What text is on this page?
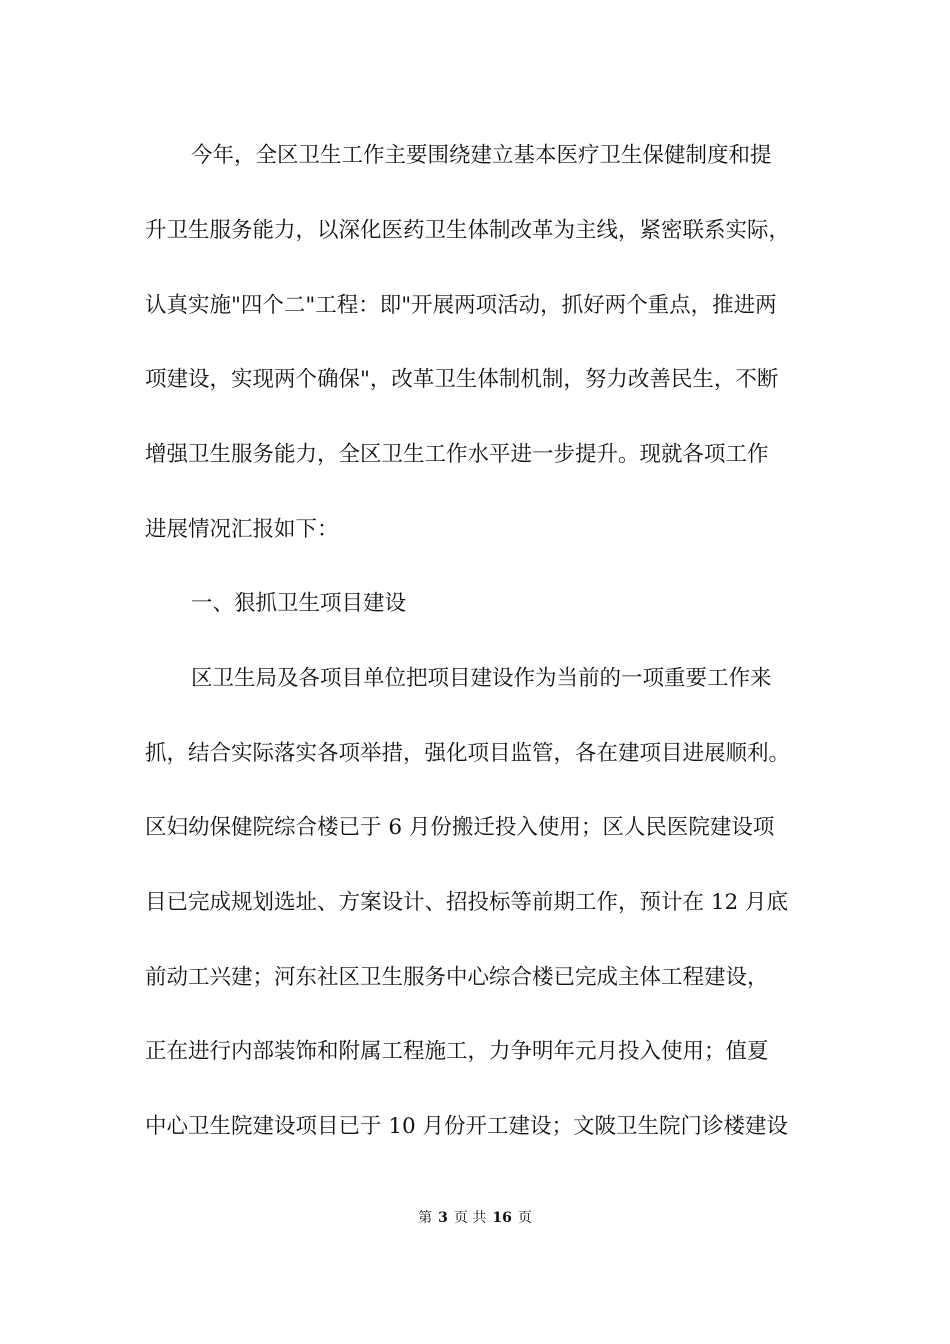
今年，全区卫生工作主要围绕建立基本医疗卫生保健制度和提
升卫生服务能力，以深化医药卫生体制改革为主线，紧密联系实际，
认真实施"四个二"工程：即"开展两项活动，抓好两个重点，推进两
项建设，实现两个确保"，改革卫生体制机制，努力改善民生，不断
增强卫生服务能力，全区卫生工作水平进一步提升。现就各项工作
进展情况汇报如下：
一、狠抓卫生项目建设
区卫生局及各项目单位把项目建设作为当前的一项重要工作来
抓，结合实际落实各项举措，强化项目监管，各在建项目进展顺利。
区妇幼保健院综合楼已于 6 月份搬迁投入使用；区人民医院建设项
目已完成规划选址、方案设计、招投标等前期工作，预计在 12 月底
前动工兴建；河东社区卫生服务中心综合楼已完成主体工程建设，
正在进行内部装饰和附属工程施工，力争明年元月投入使用；值夏
中心卫生院建设项目已于 10 月份开工建设；文陂卫生院门诊楼建设
第 3 页 共 16 页
